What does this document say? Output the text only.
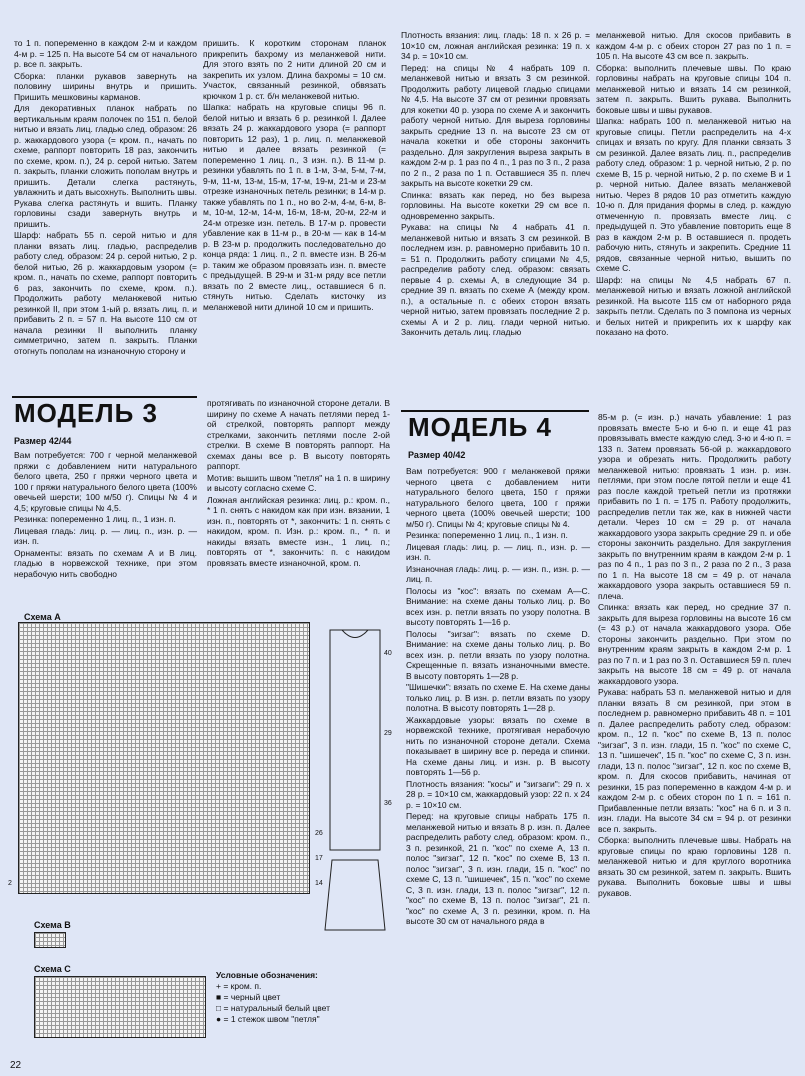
то 1 п. попеременно в каждом 2-м и каждом 4-м р. = 125 п. На высоте 54 см от начального р. все п. закрыть.

Сборка: планки рукавов завернуть на половину ширины внутрь и пришить. Пришить мешковины карманов.

Для декоративных планок набрать по вертикальным краям полочек по 151 п. белой нитью и вязать лиц. гладью след. образом: 26 р. жаккардового узора (= кром. п., начать по схеме, раппорт повторить 18 раз, закончить по схеме, кром. п.), 24 р. серой нитью. Затем п. закрыть, планки сложить пополам внутрь и пришить. Детали слегка растянуть, увлажнить и дать высохнуть. Выполнить швы. Рукава слегка растянуть и вшить. Планку горловины сзади завернуть внутрь и пришить.

Шарф: набрать 55 п. серой нитью и для планки вязать лиц. гладью, распределив работу след. образом: 24 р. серой нитью, 2 р. белой нитью, 26 р. жаккардовым узором (= кром. п., начать по схеме, раппорт повторить 6 раз, закончить по схеме, кром. п.). Продолжить работу меланжевой нитью резинкой II, при этом 1-ый р. вязать лиц. п. и прибавить 2 п. = 57 п. На высоте 110 см от начала резинки II выполнить планку симметрично, затем п. закрыть. Планки отогнуть пополам на изнаночную сторону и

пришить. К коротким сторонам планок прикрепить бахрому из меланжевой нити. Для этого взять по 2 нити длиной 20 см и закрепить их узлом. Длина бахромы = 10 см. Участок, связанный резинкой, обвязать крючком 1 р. ст. б/н меланжевой нитью.

Шапка: набрать на круговые спицы 96 п. белой нитью и вязать 6 р. резинкой I. Далее вязать 24 р. жаккардового узора (= раппорт повторить 12 раз), 1 р. лиц. п. меланжевой нитью и далее вязать резинкой (= попеременно 1 лиц. п., 3 изн. п.). В 11-м р. резинки убавлять по 1 п. в 1-м, 3-м, 5-м, 7-м, 9-м, 11-м, 13-м, 15-м, 17-м, 19-м, 21-м и 23-м отрезке изнаночных петель резинки; в 14-м р. также убавлять по 1 п., но во 2-м, 4-м, 6-м, 8-м, 10-м, 12-м, 14-м, 16-м, 18-м, 20-м, 22-м и 24-м отрезке изн. петель. В 17-м р. провести убавление как в 11-м р., в 20-м — как в 14-м р. В 23-м р. продолжить последовательно до конца ряда: 1 лиц. п., 2 п. вместе изн. В 26-м р. таким же образом провязать изн. п. вместе с предыдущей. В 29-м и 31-м ряду все петли вязать по 2 вместе лиц., оставшиеся 6 п. стянуть нитью. Сделать кисточку из меланжевой нити длиной 10 см и пришить.

Плотность вязания: лиц. гладь: 18 п. х 26 р. = 10×10 см, ложная английская резинка: 19 п. х 34 р. = 10×10 см.

Перед: на спицы № 4 набрать 109 п. меланжевой нитью и вязать 3 см резинкой. Продолжить работу лицевой гладью спицами № 4,5. На высоте 37 см от резинки провязать для кокетки 40 р. узора по схеме А и закончить работу черной нитью. Для выреза горловины закрыть средние 13 п. на высоте 23 см от начала кокетки и обе стороны закончить раздельно. Для закругления выреза закрыть в каждом 2-м р. 1 раз по 4 п., 1 раз по 3 п., 2 раза по 2 п., 2 раза по 1 п. Оставшиеся 35 п. плеч закрыть на высоте кокетки 29 см.

Спинка: вязать как перед, но без выреза горловины. На высоте кокетки 29 см все п. одновременно закрыть.

Рукава: на спицы № 4 набрать 41 п. меланжевой нитью и вязать 3 см резинкой. В последнем изн. р. равномерно прибавить 10 п. = 51 п. Продолжить работу спицами № 4,5, распределив работу след. образом: связать первые 4 р. схемы А, в следующие 34 р. средние 39 п. вязать по схеме А (между кром. п.), а остальные п. с обеих сторон вязать черной нитью, затем провязать последние 2 р. схемы А и 2 р. лиц. глади черной нитью. Закончить деталь лиц. гладью

меланжевой нитью. Для скосов прибавить в каждом 4-м р. с обеих сторон 27 раз по 1 п. = 105 п. На высоте 43 см все п. закрыть.

Сборка: выполнить плечевые швы. По краю горловины набрать на круговые спицы 104 п. меланжевой нитью и вязать 14 см резинкой, затем п. закрыть. Вшить рукава. Выполнить боковые швы и швы рукавов.

Шапка: набрать 100 п. меланжевой нитью на круговые спицы. Петли распределить на 4-х спицах и вязать по кругу. Для планки связать 3 см резинкой. Далее вязать лиц. п., распределив работу след. образом: 1 р. черной нитью, 2 р. по схеме В, 15 р. черной нитью, 2 р. по схеме В и 1 р. черной нитью. Далее вязать меланжевой нитью. Через 8 рядов 10 раз отметить каждую 10-ю п. Для придания формы в след. р. каждую отмеченную п. провязать вместе лиц. с предыдущей п. Это убавление повторить еще 8 раз в каждом 2-м р. В оставшиеся п. продеть рабочую нить, стянуть и закрепить. Средние 11 рядов, связанные черной нитью, вышить по схеме С.

Шарф: на спицы № 4,5 набрать 67 п. меланжевой нитью и вязать ложной английской резинкой. На высоте 115 см от наборного ряда закрыть петли. Сделать по 3 помпона из черных и белых нитей и прикрепить их к шарфу как показано на фото.

МОДЕЛЬ 3
Размер 42/44

Вам потребуется: 700 г черной меланжевой пряжи с добавлением нити натурального белого цвета, 250 г пряжи черного цвета и 100 г пряжи натурального белого цвета (100% овечьей шерсти; 100 м/50 г). Спицы № 4 и 4,5; круговые спицы № 4,5.

Резинка: попеременно 1 лиц. п., 1 изн. п.

Лицевая гладь: лиц. р. — лиц. п., изн. р. — изн. п.

Орнаменты: вязать по схемам А и В лиц. гладью в норвежской технике, при этом нерабочую нить свободно

протягивать по изнаночной стороне детали. В ширину по схеме А начать петлями перед 1-ой стрелкой, повторять раппорт между стрелками, закончить петлями после 2-ой стрелки. В схеме В повторять раппорт. На схемах даны все р. В высоту повторять раппорт.

Мотив: вышить швом "петля" на 1 п. в ширину и высоту согласно схеме С.

Ложная английская резинка: лиц. р.: кром. п., * 1 п. снять с накидом как при изн. вязании, 1 изн. п., повторять от *, закончить: 1 п. снять с накидом, кром. п. Изн. р.: кром. п., * п. и накиды вязать вместе изн., 1 лиц. п.; повторять от *, закончить: п. с накидом провязать вместе изнаночной, кром. п.

Схема А
2
40
29
36
26
17
14
Схема В
Схема С
Условные обозначения:
+ = кром. п.
■ = черный цвет
□ = натуральный белый цвет
● = 1 стежок швом "петля"
МОДЕЛЬ 4
Размер 40/42

Вам потребуется: 900 г меланжевой пряжи черного цвета с добавлением нити натурального белого цвета, 150 г пряжи натурального белого цвета, 100 г пряжи черного цвета (100% овечьей шерсти; 100 м/50 г). Спицы № 4; круговые спицы № 4.

Резинка: попеременно 1 лиц. п., 1 изн. п.

Лицевая гладь: лиц. р. — лиц. п., изн. р. — изн. п.

Изнаночная гладь: лиц. р. — изн. п., изн. р. — лиц. п.

Полосы из "кос": вязать по схемам А—С. Внимание: на схеме даны только лиц. р. Во всех изн. р. петли вязать по узору полотна. В высоту повторять 1—16 р.

Полосы "зигзаг": вязать по схеме D. Внимание: на схеме даны только лиц. р. Во всех изн. р. петли вязать по узору полотна. Скрещенные п. вязать изнаночными вместе. В высоту повторять 1—28 р.

"Шишечки": вязать по схеме Е. На схеме даны только лиц. р. В изн. р. петли вязать по узору полотна. В высоту повторять 1—28 р.

Жаккардовые узоры: вязать по схеме в норвежской технике, протягивая нерабочую нить по изнаночной стороне детали. Схема показывает в ширину все р. переда и спинки. На схеме даны лиц. и изн. р. В высоту повторять 1—56 р.

Плотность вязания: "косы" и "зигзаги": 29 п. х 28 р. = 10×10 см, жаккардовый узор: 22 п. х 24 р. = 10×10 см.

Перед: на круговые спицы набрать 175 п. меланжевой нитью и вязать 8 р. изн. п. Далее распределить работу след. образом: кром. п., 3 п. резинкой, 21 п. "кос" по схеме А, 13 п. полос "зигзаг", 12 п. "кос" по схеме В, 13 п. полос "зигзаг", 3 п. изн. глади, 15 п. "кос" по схеме С, 13 п. "шишечек", 15 п. "кос" по схеме С, 3 п. изн. глади, 13 п. полос "зигзаг", 12 п. "кос" по схеме В, 13 п. полос "зигзаг", 21 п. "кос" по схеме А, 3 п. резинки, кром. п. На высоте 30 см от начального ряда в

85-м р. (= изн. р.) начать убавление: 1 раз провязать вместе 5-ю и 6-ю п. и еще 41 раз провязывать вместе каждую след. 3-ю и 4-ю п. = 133 п. Затем провязать 56-ой р. жаккардового узора и обрезать нить. Продолжить работу меланжевой нитью: провязать 1 изн. р. изн. петлями, при этом после пятой петли и еще 41 раз после каждой третьей петли из протяжки прибавить по 1 п. = 175 п. Работу продолжить, распределив петли так же, как в нижней части детали. Через 10 см = 29 р. от начала жаккардового узора закрыть средние 29 п. и обе стороны закончить раздельно. Для закругления закрыть по внутренним краям в каждом 2-м р. 1 раз по 4 п., 1 раз по 3 п., 2 раза по 2 п., 3 раза по 1 п. На высоте 18 см = 49 р. от начала жаккардового узора закрыть оставшиеся 59 п. плеча.

Спинка: вязать как перед, но средние 37 п. закрыть для выреза горловины на высоте 16 см (= 43 р.) от начала жаккардового узора. Обе стороны закончить раздельно. При этом по внутренним краям закрыть в каждом 2-м р. 1 раз по 7 п. и 1 раз по 3 п. Оставшиеся 59 п. плеч закрыть на высоте 18 см = 49 р. от начала жаккардового узора.

Рукава: набрать 53 п. меланжевой нитью и для планки вязать 8 см резинкой, при этом в последнем р. равномерно прибавить 48 п. = 101 п. Далее распределить работу след. образом: кром. п., 12 п. "кос" по схеме В, 13 п. полос "зигзаг", 3 п. изн. глади, 15 п. "кос" по схеме С, 13 п. "шишечек", 15 п. "кос" по схеме С, 3 п. изн. глади, 13 п. полос "зигзаг", 12 п. кос по схеме В, кром. п. Для скосов прибавить, начиная от резинки, 15 раз попеременно в каждом 4-м р. и каждом 2-м р. с обеих сторон по 1 п. = 161 п. Прибавленные петли вязать: "кос" на 6 п. и 3 п. изн. глади. На высоте 34 см = 94 р. от резинки все п. закрыть.

Сборка: выполнить плечевые швы. Набрать на круговые спицы по краю горловины 128 п. меланжевой нитью и для круглого воротника вязать 30 см резинкой, затем п. закрыть. Вшить рукава. Выполнить боковые швы и швы рукавов.

22
